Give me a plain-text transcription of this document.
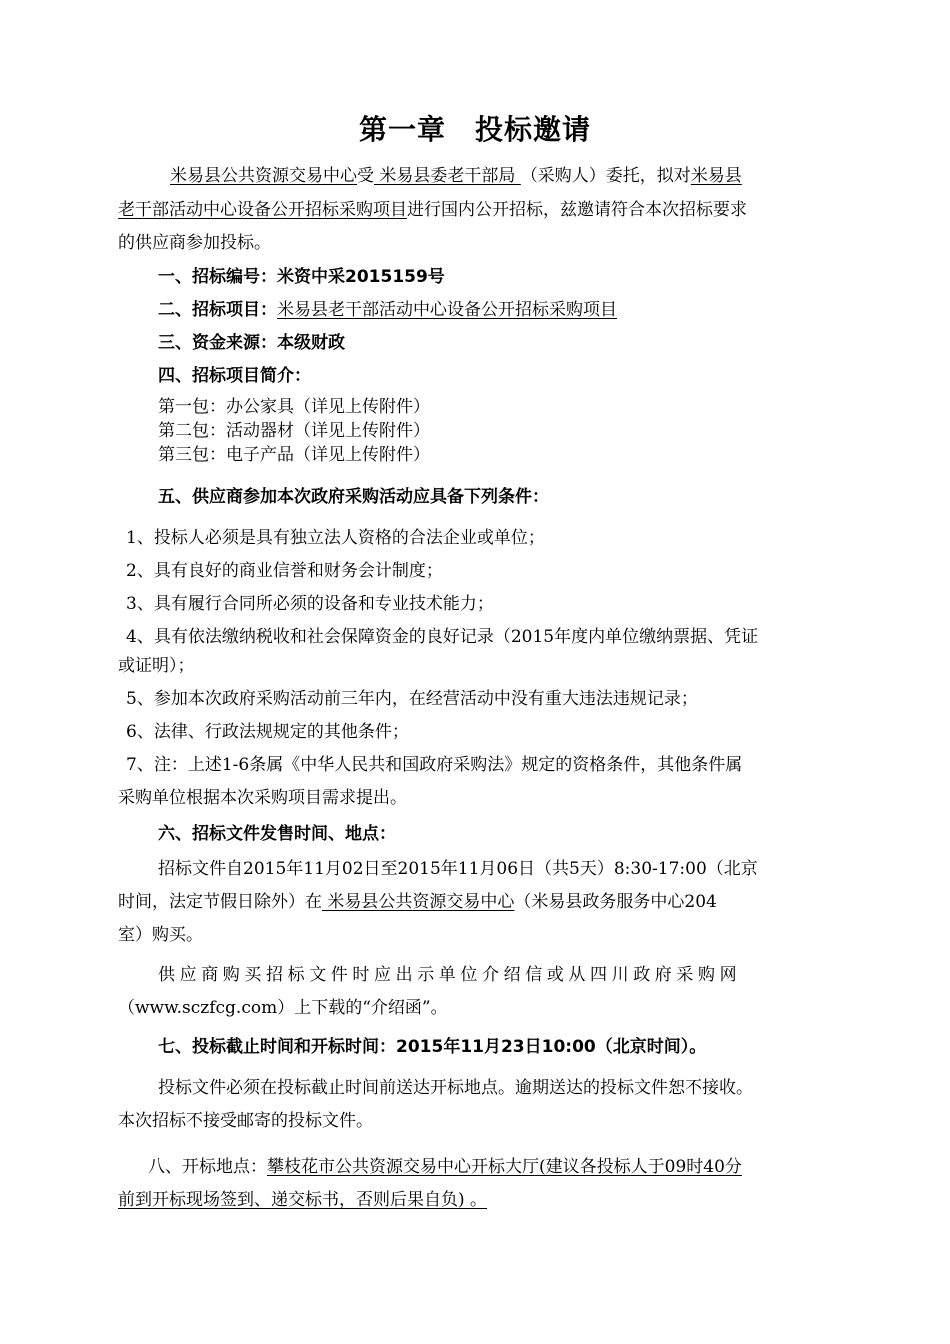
第一章　投标邀请
米易县公共资源交易中心受 米易县委老干部局 （采购人）委托，拟对米易县
老干部活动中心设备公开招标采购项目进行国内公开招标，兹邀请符合本次招标要求
的供应商参加投标。
一、招标编号：米资中采2015159号
二、招标项目：米易县老干部活动中心设备公开招标采购项目
三、资金来源：本级财政
四、招标项目简介：
第一包：办公家具（详见上传附件）
第二包：活动器材（详见上传附件）
第三包：电子产品（详见上传附件）
五、供应商参加本次政府采购活动应具备下列条件：
1、投标人必须是具有独立法人资格的合法企业或单位；
2、具有良好的商业信誉和财务会计制度；
3、具有履行合同所必须的设备和专业技术能力；
4、具有依法缴纳税收和社会保障资金的良好记录（2015年度内单位缴纳票据、凭证
或证明）；
5、参加本次政府采购活动前三年内，在经营活动中没有重大违法违规记录；
6、法律、行政法规规定的其他条件；
7、注：上述1-6条属《中华人民共和国政府采购法》规定的资格条件，其他条件属
采购单位根据本次采购项目需求提出。
六、招标文件发售时间、地点：
招标文件自2015年11月02日至2015年11月06日（共5天）8:30-17:00（北京
时间，法定节假日除外）在 米易县公共资源交易中心（米易县政务服务中心204
室）购买。
供应商购买招标文件时应出示单位介绍信或从四川政府采购网
（www.sczfcg.com）上下载的“介绍函”。
七、投标截止时间和开标时间：2015年11月23日10:00（北京时间）。
投标文件必须在投标截止时间前送达开标地点。逾期送达的投标文件恕不接收。
本次招标不接受邮寄的投标文件。
八、开标地点：攀枝花市公共资源交易中心开标大厅(建议各投标人于09时40分
前到开标现场签到、递交标书，否则后果自负) 。
